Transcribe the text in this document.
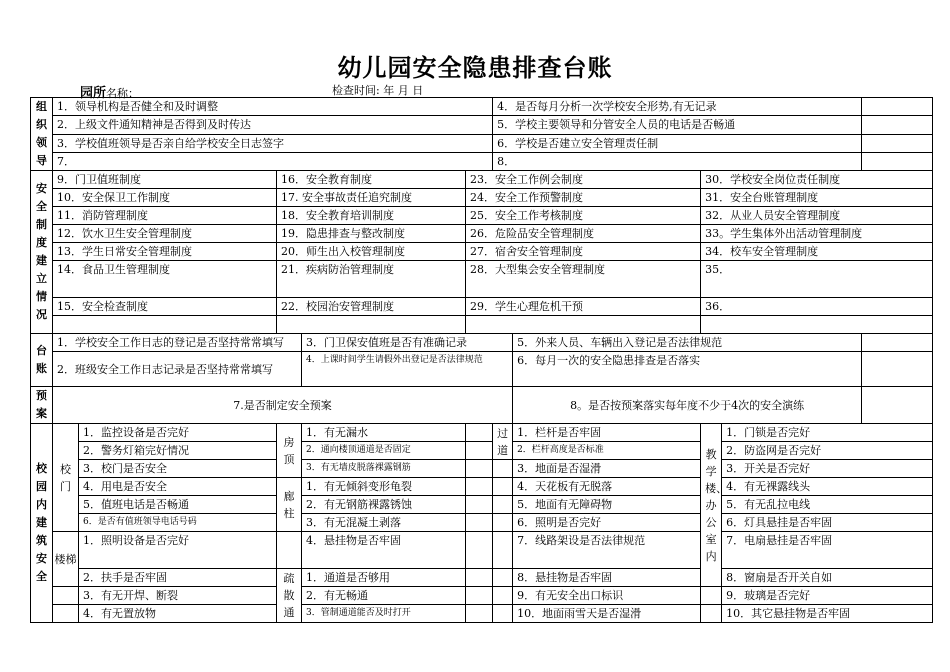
幼儿园安全隐患排查台账
园所名称：	检查时间: 年 月 日
组织领导	1．领导机构是否健全和及时调整					4．是否每月分析一次学校安全形势,有无记录				
	2．上级文件通知精神是否得到及时传达					5．学校主要领导和分管安全人员的电话是否畅通				
	3．学校值班领导是否亲自给学校安全日志签字					6．学校是否建立安全管理责任制				
	7．					8．				
安全制度建立情况	9．门卫值班制度		16．安全教育制度		23．安全工作例会制度			30．学校安全岗位责任制度		
	10．安全保卫工作制度		17. 安全事故责任追究制度		24．安全工作预警制度			31．安全台账管理制度		
	11．消防管理制度		18．安全教育培训制度		25．安全工作考核制度			32．从业人员安全管理制度		
	12．饮水卫生安全管理制度		19．隐患排查与整改制度		26．危险品安全管理制度			33。学生集体外出活动管理制度		
	13．学生日常安全管理制度		20．师生出入校管理制度		27．宿舍安全管理制度			34．校车安全管理制度		
	14．食品卫生管理制度		21．疾病防治管理制度		28．大型集会安全管理制度			35．		
	15．安全检查制度		22．校园治安管理制度		29．学生心理危机干预			36．		

台账	1．学校安全工作日志的登记是否坚持常常填写			3．门卫保安值班是否有准确记录			5．外来人员、车辆出入登记是否法律规范			
	2．班级安全工作日志记录是否坚持常常填写			4．上课时间学生请假外出登记是否法律规范			6．每月一次的安全隐患排查是否落实			
预案	7.是否制定安全预案						8。是否按预案落实每年度不少于4次的安全演练			
校园内建筑安全	校门	1．监控设备是否完好	房顶	1．有无漏水		过道	1．栏杆是否牢固	教学楼、办公室内	1．门锁是否完好	
		2．警务灯箱完好情况		2．通向楼顶通道是否固定			2．栏杆高度是否标准		2．防盗网是否完好	
		3．校门是否安全		3．有无墙皮脱落裸露钢筋			3．地面是否湿滑		3．开关是否完好	
		4．用电是否安全	廊柱	1．有无倾斜变形龟裂			4．天花板有无脱落		4．有无裸露线头	
		5．值班电话是否畅通		2．有无钢筋裸露锈蚀			5．地面有无障碍物		5．有无乱拉电线	
		6．是否有值班领导电话号码		3．有无混凝土剥落			6．照明是否完好		6．灯具悬挂是否牢固	
	楼梯	1．照明设备是否完好		4．悬挂物是否牢固			7．线路架设是否法律规范		7．电扇悬挂是否牢固	
		2．扶手是否牢固	疏散通	1．通道是否够用			8．悬挂物是否牢固		8．窗扇是否开关自如	
		3．有无开焊、断裂		2．有无畅通			9．有无安全出口标识		9．玻璃是否完好	
		4．有无置放物		3．管制通道能否及时打开			10．地面雨雪天是否湿滑		10．其它悬挂物是否牢固	
